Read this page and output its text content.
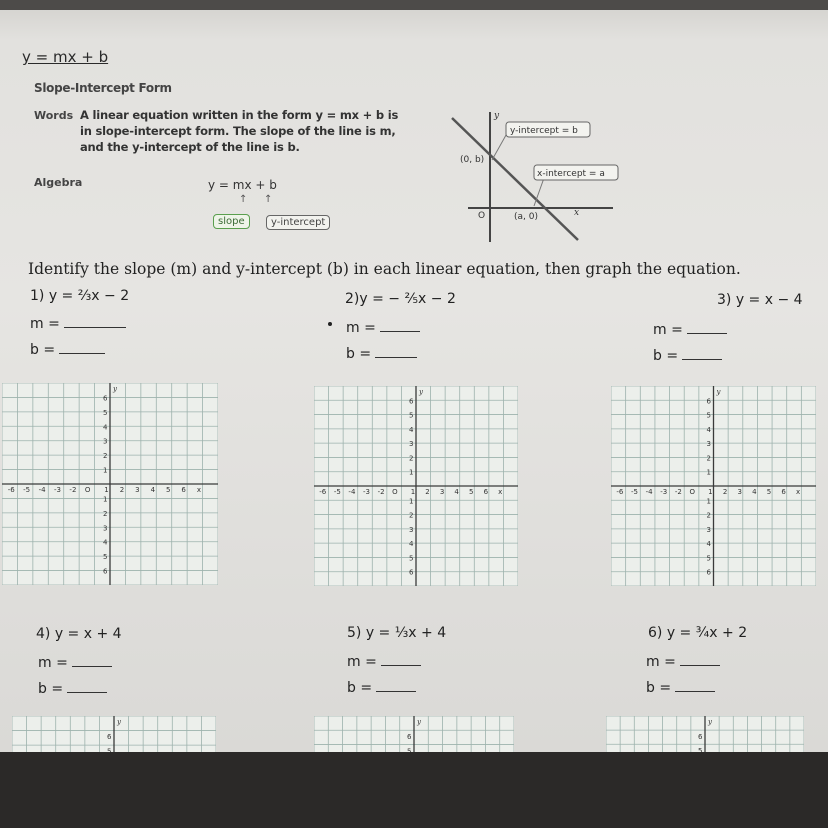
y = mx + b
Slope-Intercept Form
Words A linear equation written in the form y = mx + b is
in slope-intercept form. The slope of the line is m,
and the y-intercept of the line is b.
Algebra	y = mx + b
↑ ↑
slope	y-intercept
y-intercept = b
x-intercept = a
(0, b)
(a, 0)
O	x
y
Identify the slope (m) and y-intercept (b) in each linear equation, then graph the equation.
1) y = ⅔x − 2	2)y = − ⅖x − 2	3) y = x − 4
4) y = x + 4	5) y = ⅓x + 4	6) y = ¾x + 2
m =
b =
m =
b =
m =
b =
m =
b =
m =
b =
m =
b =
y
-6 -5 -4 -3 -2 O 1 2 3 4 5 6 x
1
1
2
2
3
3
4
4
5
5
6
6
y
-6 -5 -4 -3 -2 O 1 2 3 4 5 6 x
1
1
2
2
3
3
4
4
5
5
6
6
y
-6 -5 -4 -3 -2 O 1 2 3 4 5 6 x
1
1
2
2
3
3
4
4
5
5
6
6
y
6
y
6
y
6
